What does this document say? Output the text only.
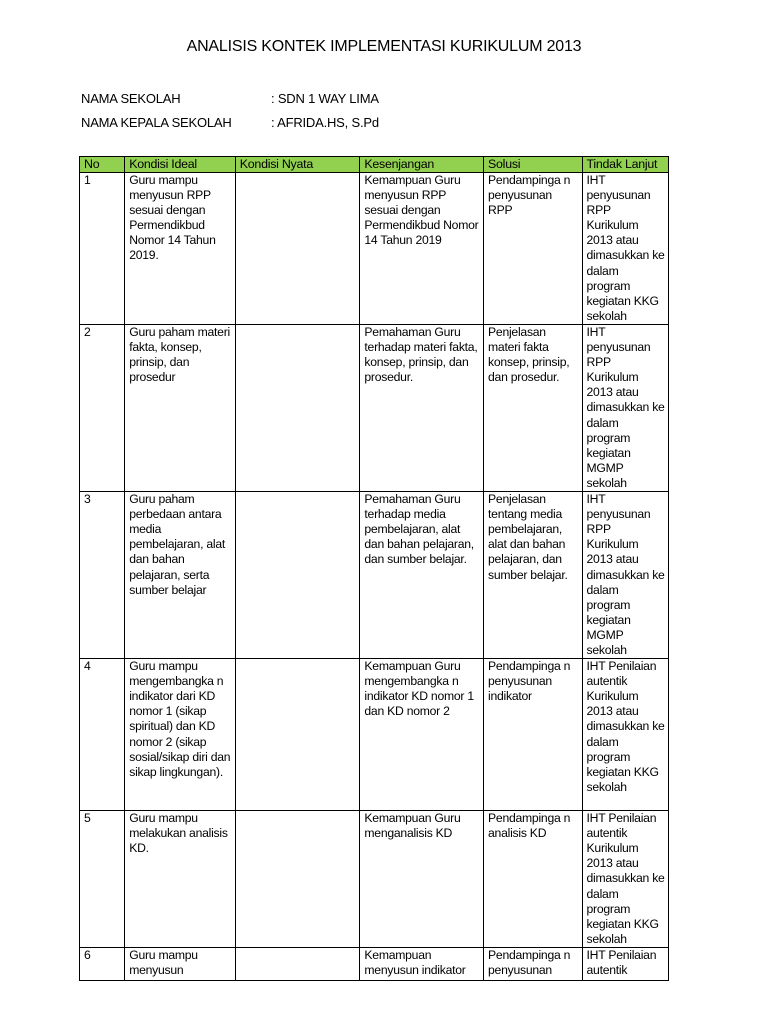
ANALISIS KONTEK IMPLEMENTASI KURIKULUM 2013
NAMA SEKOLAH	: SDN 1 WAY LIMA
NAMA KEPALA SEKOLAH	: AFRIDA.HS, S.Pd
No	Kondisi Ideal	Kondisi Nyata	Kesenjangan	Solusi	Tindak Lanjut
1	Guru mampu menyusun RPP sesuai dengan Permendikbud Nomor 14 Tahun 2019.		Kemampuan Guru menyusun RPP sesuai dengan Permendikbud Nomor 14 Tahun 2019	Pendampinga n penyusunan RPP	IHT penyusunan RPP Kurikulum 2013 atau dimasukkan ke dalam program kegiatan KKG sekolah
2	Guru paham materi fakta, konsep, prinsip, dan prosedur		Pemahaman Guru terhadap materi fakta, konsep, prinsip, dan prosedur.	Penjelasan materi fakta konsep, prinsip, dan prosedur.	IHT penyusunan RPP Kurikulum 2013 atau dimasukkan ke dalam program kegiatan MGMP sekolah
3	Guru paham perbedaan antara media pembelajaran, alat dan bahan pelajaran, serta sumber belajar		Pemahaman Guru terhadap media pembelajaran, alat dan bahan pelajaran, dan sumber belajar.	Penjelasan tentang media pembelajaran, alat dan bahan pelajaran, dan sumber belajar.	IHT penyusunan RPP Kurikulum 2013 atau dimasukkan ke dalam program kegiatan MGMP sekolah
4	Guru mampu mengembangka n indikator dari KD nomor 1 (sikap spiritual) dan KD nomor 2 (sikap sosial/sikap diri dan sikap lingkungan).		Kemampuan Guru mengembangka n indikator KD nomor 1 dan KD nomor 2	Pendampinga n penyusunan indikator	IHT Penilaian autentik Kurikulum 2013 atau dimasukkan ke dalam program kegiatan KKG sekolah
5	Guru mampu melakukan analisis KD.		Kemampuan Guru menganalisis KD	Pendampinga n analisis KD	IHT Penilaian autentik Kurikulum 2013 atau dimasukkan ke dalam program kegiatan KKG sekolah
6	Guru mampu menyusun		Kemampuan menyusun indikator	Pendampinga n penyusunan	IHT Penilaian autentik
